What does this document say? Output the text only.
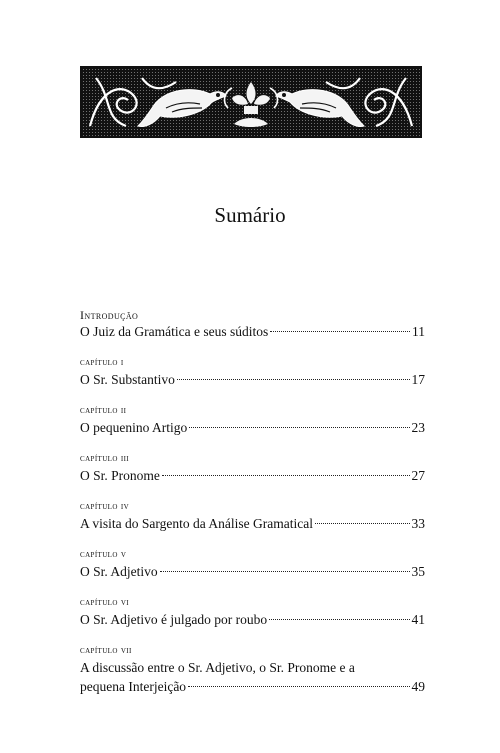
Sumário
Introdução
O Juiz da Gramática e seus súditos	11
capítulo i
O Sr. Substantivo	17
capítulo ii
O pequenino Artigo	23
capítulo iii
O Sr. Pronome	27
capítulo iv
A visita do Sargento da Análise Gramatical	33
capítulo v
O Sr. Adjetivo	35
capítulo vi
O Sr. Adjetivo é julgado por roubo	41
capítulo vii
A discussão entre o Sr. Adjetivo, o Sr. Pronome e a
pequena Interjeição	49
